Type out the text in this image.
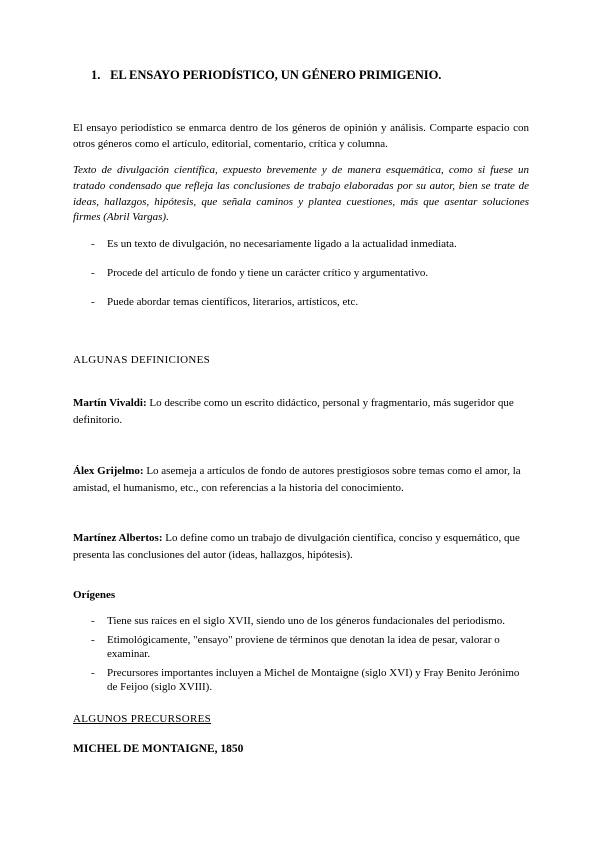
1. EL ENSAYO PERIODÍSTICO, UN GÉNERO PRIMIGENIO.
El ensayo periodístico se enmarca dentro de los géneros de opinión y análisis. Comparte espacio con otros géneros como el artículo, editorial, comentario, crítica y columna.
Texto de divulgación científica, expuesto brevemente y de manera esquemática, como si fuese un tratado condensado que refleja las conclusiones de trabajo elaboradas por su autor, bien se trate de ideas, hallazgos, hipótesis, que señala caminos y plantea cuestiones, más que asentar soluciones firmes (Abril Vargas).
- Es un texto de divulgación, no necesariamente ligado a la actualidad inmediata.
- Procede del artículo de fondo y tiene un carácter crítico y argumentativo.
- Puede abordar temas científicos, literarios, artísticos, etc.
ALGUNAS DEFINICIONES
Martín Vivaldi: Lo describe como un escrito didáctico, personal y fragmentario, más sugeridor que definitorio.
Álex Grijelmo: Lo asemeja a artículos de fondo de autores prestigiosos sobre temas como el amor, la amistad, el humanismo, etc., con referencias a la historia del conocimiento.
Martínez Albertos: Lo define como un trabajo de divulgación científica, conciso y esquemático, que presenta las conclusiones del autor (ideas, hallazgos, hipótesis).
Orígenes
- Tiene sus raíces en el siglo XVII, siendo uno de los géneros fundacionales del periodismo.
- Etimológicamente, "ensayo" proviene de términos que denotan la idea de pesar, valorar o examinar.
- Precursores importantes incluyen a Michel de Montaigne (siglo XVI) y Fray Benito Jerónimo de Feijoo (siglo XVIII).
ALGUNOS PRECURSORES
MICHEL DE MONTAIGNE, 1850
